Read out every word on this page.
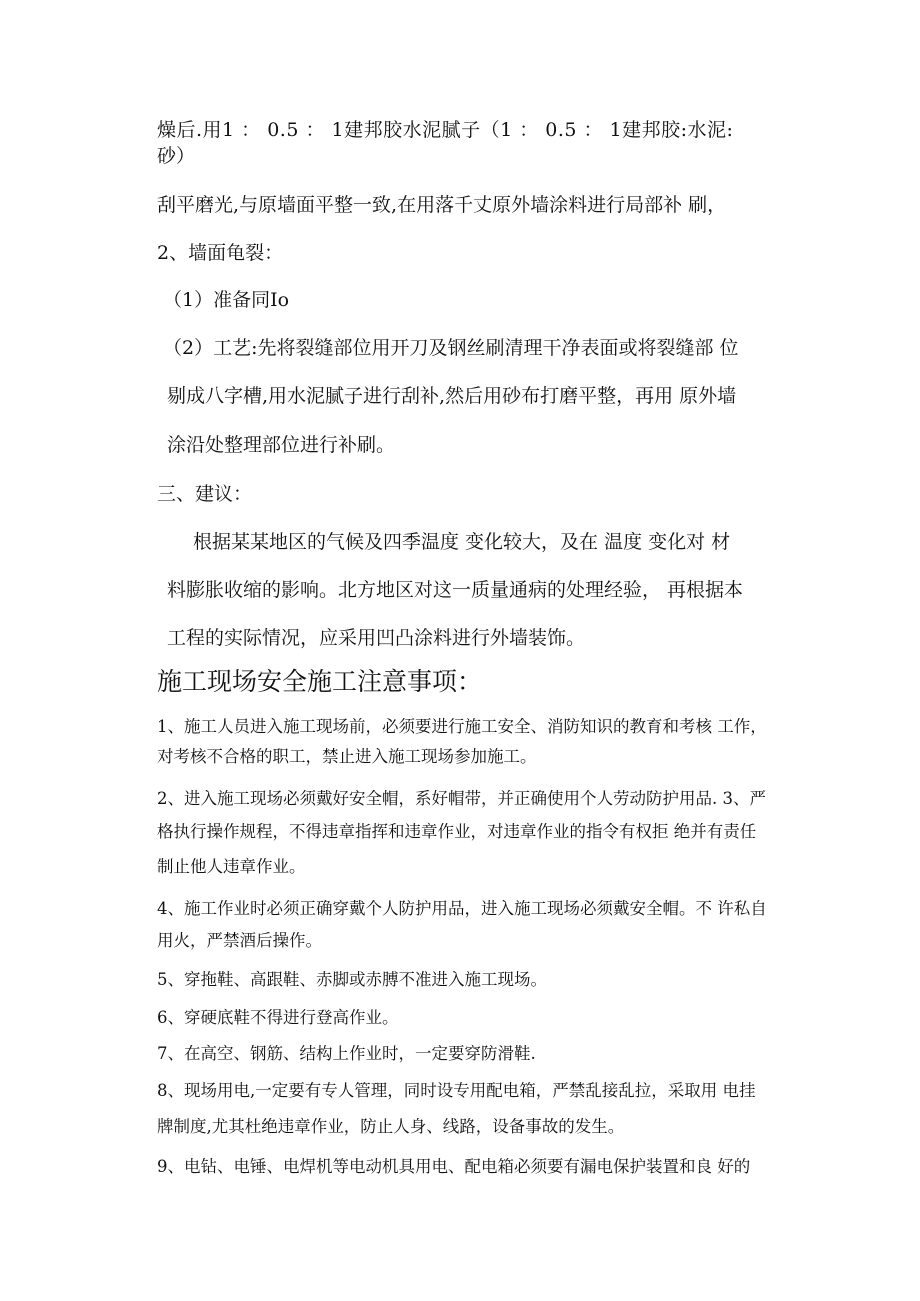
燥后.用1 ： 0.5 ： 1建邦胶水泥腻子（1 ： 0.5 ： 1建邦胶:水泥:

砂）

刮平磨光,与原墙面平整一致,在用落千丈原外墙涂料进行局部补 刷，

2、墙面龟裂：

（1）准备同Io

（2）工艺:先将裂缝部位用开刀及钢丝刷清理干净表面或将裂缝部 位

剔成八字槽,用水泥腻子进行刮补,然后用砂布打磨平整，再用 原外墙

涂沿处整理部位进行补刷。

三、建议：

根据某某地区的气候及四季温度 变化较大，及在 温度 变化对 材

料膨胀收缩的影响。北方地区对这一质量通病的处理经验， 再根据本

工程的实际情况，应采用凹凸涂料进行外墙装饰。

施工现场安全施工注意事项：

1、施工人员进入施工现场前，必须要进行施工安全、消防知识的教育和考核 工作，

对考核不合格的职工，禁止进入施工现场参加施工。

2、进入施工现场必须戴好安全帽，系好帽带，并正确使用个人劳动防护用品. 3、严

格执行操作规程，不得违章指挥和违章作业，对违章作业的指令有权拒 绝并有责任

制止他人违章作业。

4、施工作业时必须正确穿戴个人防护用品，进入施工现场必须戴安全帽。不 许私自

用火，严禁酒后操作。

5、穿拖鞋、高跟鞋、赤脚或赤膊不准进入施工现场。

6、穿硬底鞋不得进行登高作业。

7、在高空、钢筋、结构上作业时，一定要穿防滑鞋.

8、现场用电,一定要有专人管理，同时设专用配电箱，严禁乱接乱拉，采取用 电挂

牌制度,尤其杜绝违章作业，防止人身、线路，设备事故的发生。

9、电钻、电锤、电焊机等电动机具用电、配电箱必须要有漏电保护装置和良 好的
